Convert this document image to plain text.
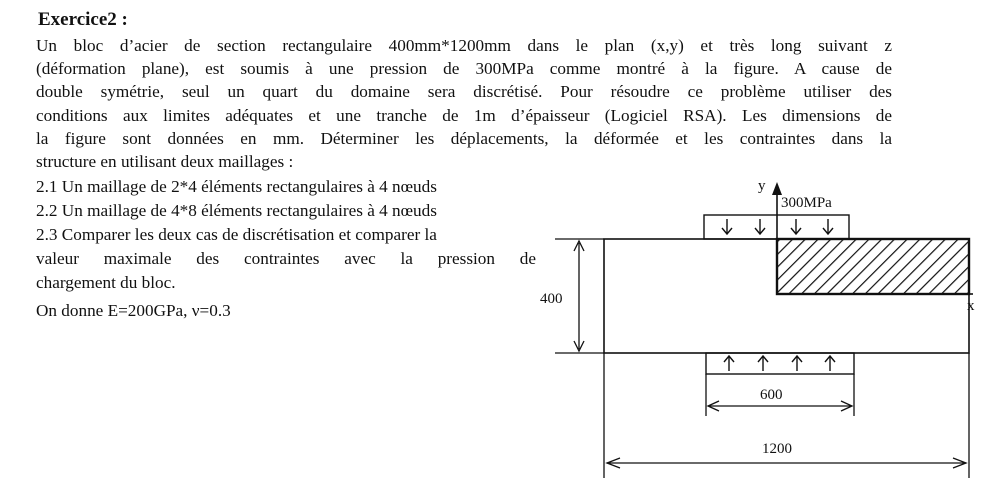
Exercice2 :
Un bloc d’acier de section rectangulaire 400mm*1200mm dans le plan (x,y) et très long suivant z
(déformation plane), est soumis à une pression de 300MPa comme montré à la figure. A cause de
double symétrie, seul un quart du domaine sera discrétisé. Pour résoudre ce problème utiliser des
conditions aux limites adéquates et une tranche de 1m d’épaisseur (Logiciel RSA). Les dimensions de
la figure sont données en mm. Déterminer les déplacements, la déformée et les contraintes dans la
structure en utilisant deux maillages :
2.1 Un maillage de 2*4 éléments rectangulaires à 4 nœuds
2.2 Un maillage de 4*8 éléments rectangulaires à 4 nœuds
2.3 Comparer les deux cas de discrétisation et comparer la
valeur maximale des contraintes avec la pression de
chargement du bloc.
On donne E=200GPa, ν=0.3
y
x
300MPa
400
600
1200
